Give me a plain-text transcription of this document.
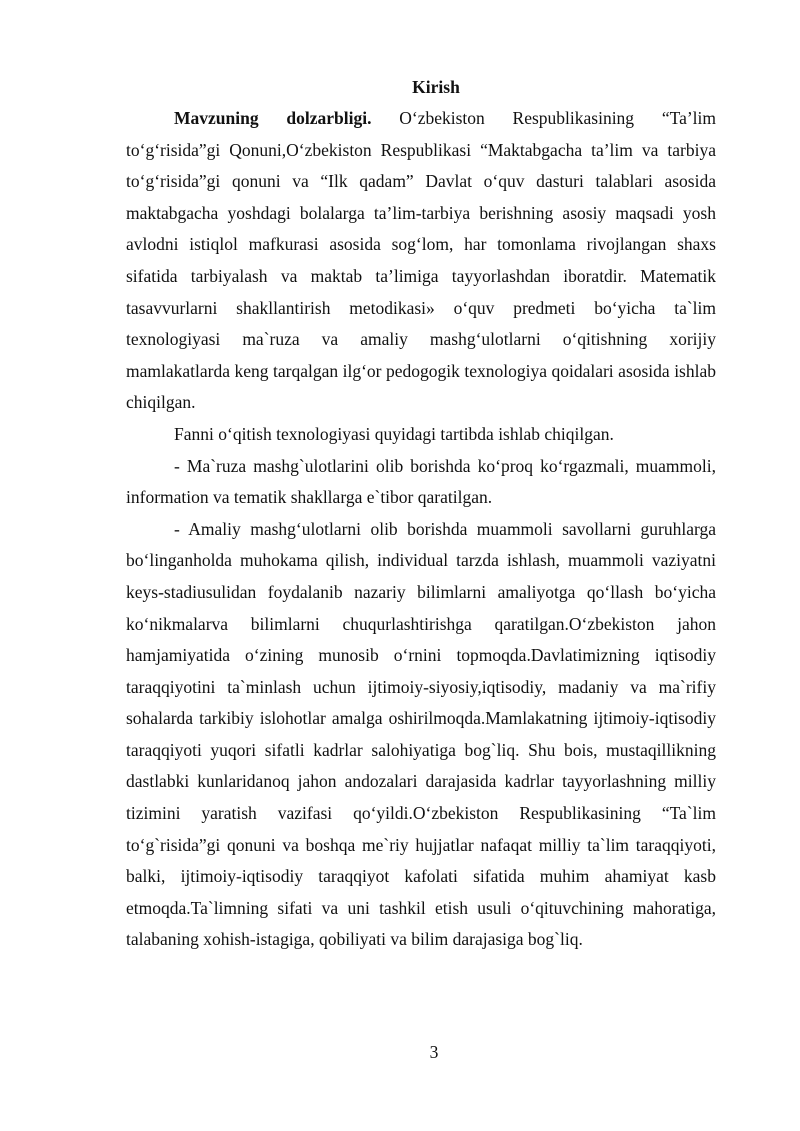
Kirish

Mavzuning dolzarbligi. O‘zbekiston Respublikasining “Ta’lim to‘g‘risida”gi Qonuni,O‘zbekiston Respublikasi “Maktabgacha ta’lim va tarbiya to‘g‘risida”gi qonuni va “Ilk qadam” Davlat o‘quv dasturi talablari asosida maktabgacha yoshdagi bolalarga ta’lim-tarbiya berishning asosiy maqsadi yosh avlodni istiqlol mafkurasi asosida sog‘lom, har tomonlama rivojlangan shaxs sifatida tarbiyalash va maktab ta’limiga tayyorlashdan iboratdir. Matematik tasavvurlarni shakllantirish metodikasi» o‘quv predmeti bo‘yicha ta`lim texnologiyasi ma`ruza va amaliy mashg‘ulotlarni o‘qitishning xorijiy mamlakatlarda keng tarqalgan ilg‘or pedogogik texnologiya qoidalari asosida ishlab chiqilgan.

Fanni o‘qitish texnologiyasi quyidagi tartibda ishlab chiqilgan.

- Ma`ruza mashg`ulotlarini olib borishda ko‘proq ko‘rgazmali, muammoli, information va tematik shakllarga e`tibor qaratilgan.

- Amaliy mashg‘ulotlarni olib borishda muammoli savollarni guruhlarga bo‘linganholda muhokama qilish, individual tarzda ishlash, muammoli vaziyatni keys-stadiusulidan foydalanib nazariy bilimlarni amaliyotga qo‘llash bo‘yicha ko‘nikmalarva bilimlarni chuqurlashtirishga qaratilgan.O‘zbekiston jahon hamjamiyatida o‘zining munosib o‘rnini topmoqda.Davlatimizning iqtisodiy taraqqiyotini ta`minlash uchun ijtimoiy-siyosiy,iqtisodiy, madaniy va ma`rifiy sohalarda tarkibiy islohotlar amalga oshirilmoqda.Mamlakatning ijtimoiy-iqtisodiy taraqqiyoti yuqori sifatli kadrlar salohiyatiga bog`liq. Shu bois, mustaqillikning dastlabki kunlaridanoq jahon andozalari darajasida kadrlar tayyorlashning milliy tizimini yaratish vazifasi qo‘yildi.O‘zbekiston Respublikasining “Ta`lim to‘g`risida”gi qonuni va boshqa me`riy hujjatlar nafaqat milliy ta`lim taraqqiyoti, balki, ijtimoiy-iqtisodiy taraqqiyot kafolati sifatida muhim ahamiyat kasb etmoqda.Ta`limning sifati va uni tashkil etish usuli o‘qituvchining mahoratiga, talabaning xohish-istagiga, qobiliyati va bilim darajasiga bog`liq.

3
